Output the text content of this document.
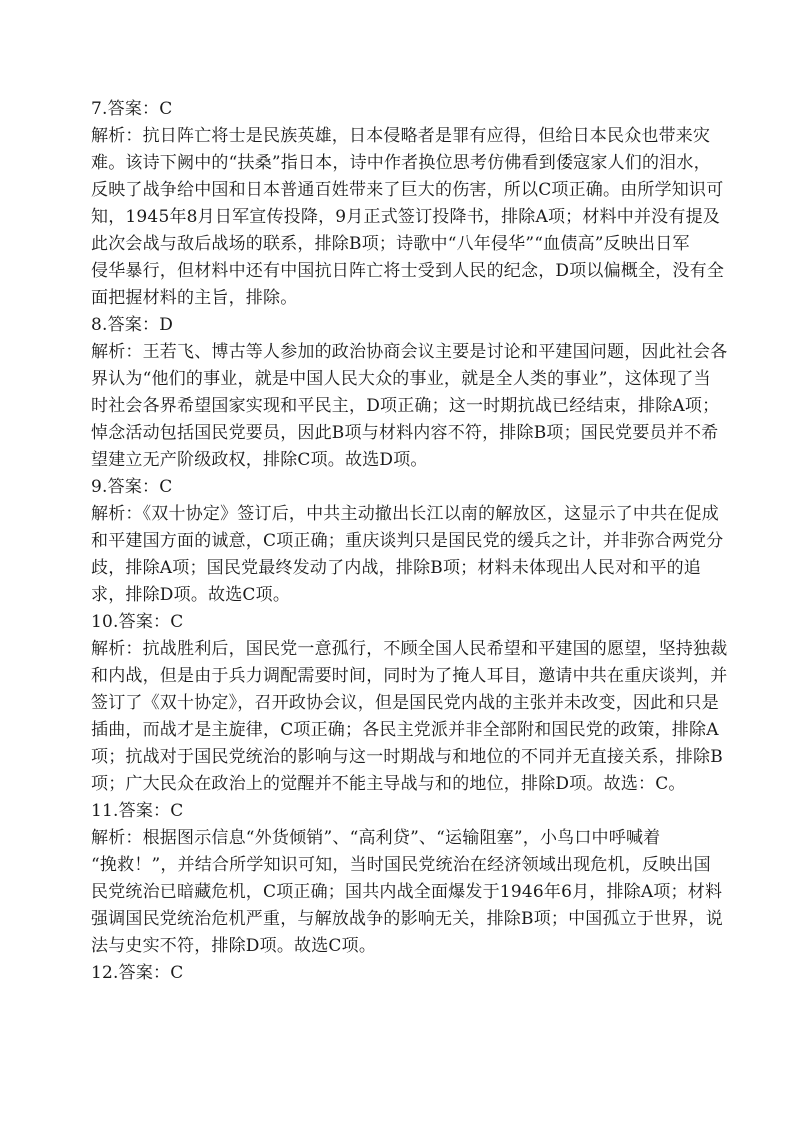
7.答案：C

解析：抗日阵亡将士是民族英雄，日本侵略者是罪有应得，但给日本民众也带来灾

难。该诗下阙中的“扶桑”指日本，诗中作者换位思考仿佛看到倭寇家人们的泪水，

反映了战争给中国和日本普通百姓带来了巨大的伤害，所以C项正确。由所学知识可

知，1945年8月日军宣传投降，9月正式签订投降书，排除A项；材料中并没有提及

此次会战与敌后战场的联系，排除B项；诗歌中“八年侵华”“血债高”反映出日军

侵华暴行，但材料中还有中国抗日阵亡将士受到人民的纪念，D项以偏概全，没有全

面把握材料的主旨，排除。

8.答案：D

解析：王若飞、博古等人参加的政治协商会议主要是讨论和平建国问题，因此社会各

界认为“他们的事业，就是中国人民大众的事业，就是全人类的事业”，这体现了当

时社会各界希望国家实现和平民主，D项正确；这一时期抗战已经结束，排除A项；

悼念活动包括国民党要员，因此B项与材料内容不符，排除B项；国民党要员并不希

望建立无产阶级政权，排除C项。故选D项。

9.答案：C

解析：《双十协定》签订后，中共主动撤出长江以南的解放区，这显示了中共在促成

和平建国方面的诚意，C项正确；重庆谈判只是国民党的缓兵之计，并非弥合两党分

歧，排除A项；国民党最终发动了内战，排除B项；材料未体现出人民对和平的追

求，排除D项。故选C项。

10.答案：C

解析：抗战胜利后，国民党一意孤行，不顾全国人民希望和平建国的愿望，坚持独裁

和内战，但是由于兵力调配需要时间，同时为了掩人耳目，邀请中共在重庆谈判，并

签订了《双十协定》，召开政协会议，但是国民党内战的主张并未改变，因此和只是

插曲，而战才是主旋律，C项正确；各民主党派并非全部附和国民党的政策，排除A

项；抗战对于国民党统治的影响与这一时期战与和地位的不同并无直接关系，排除B

项；广大民众在政治上的觉醒并不能主导战与和的地位，排除D项。故选：C。

11.答案：C

解析：根据图示信息“外货倾销”、“高利贷”、“运输阻塞”，小鸟口中呼喊着

“挽救！”，并结合所学知识可知，当时国民党统治在经济领域出现危机，反映出国

民党统治已暗藏危机，C项正确；国共内战全面爆发于1946年6月，排除A项；材料

强调国民党统治危机严重，与解放战争的影响无关，排除B项；中国孤立于世界，说

法与史实不符，排除D项。故选C项。

12.答案：C
